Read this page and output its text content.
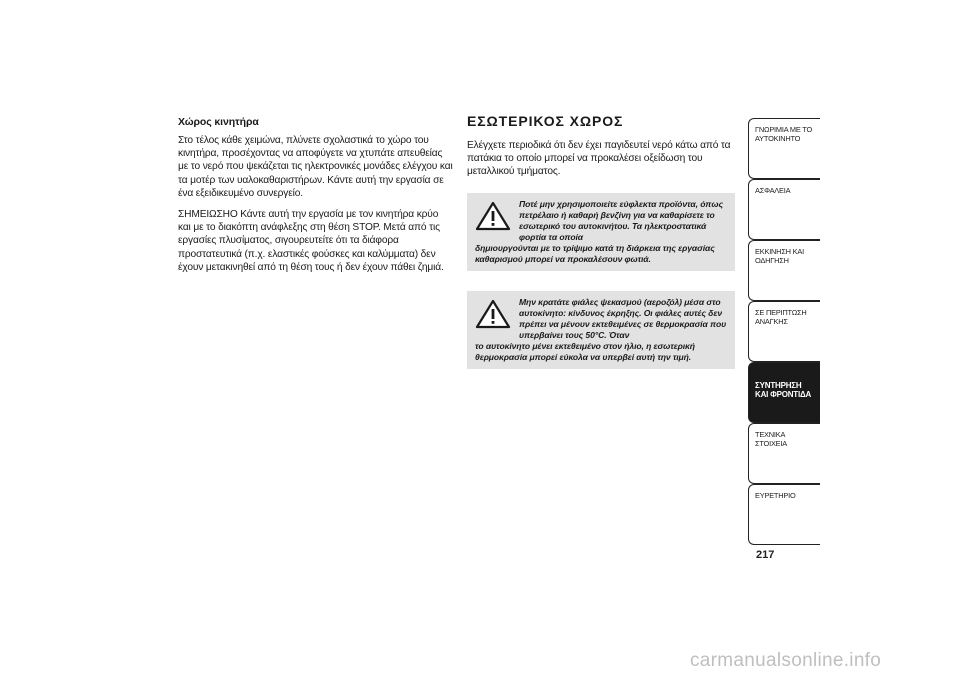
Χώρος κινητήρα

Στο τέλος κάθε χειμώνα, πλύνετε σχολαστικά το χώρο του κινητήρα, προσέχοντας να αποφύγετε να χτυπάτε απευθείας με το νερό που ψεκάζεται τις ηλεκτρονικές μονάδες ελέγχου και τα μοτέρ των υαλοκαθαριστήρων. Κάντε αυτή την εργασία σε ένα εξειδικευμένο συνεργείο.

ΣΗΜΕΙΩΣΗΟ Κάντε αυτή την εργασία με τον κινητήρα κρύο και με το διακόπτη ανάφλεξης στη θέση STOP. Μετά από τις εργασίες πλυσίματος, σιγουρευτείτε ότι τα διάφορα προστατευτικά (π.χ. ελαστικές φούσκες και καλύμματα) δεν έχουν μετακινηθεί από τη θέση τους ή δεν έχουν πάθει ζημιά.

ΕΣΩΤΕΡΙΚΟΣ ΧΩΡΟΣ

Ελέγχετε περιοδικά ότι δεν έχει παγιδευτεί νερό κάτω από τα πατάκια το οποίο μπορεί να προκαλέσει οξείδωση του μεταλλικού τμήματος.

Ποτέ μην χρησιμοποιείτε εύφλεκτα προϊόντα, όπως πετρέλαιο ή καθαρή βενζίνη για να καθαρίσετε το εσωτερικό του αυτοκινήτου. Τα ηλεκτροστατικά φορτία τα οποία
δημιουργούνται με το τρίψιμο κατά τη διάρκεια της εργασίας καθαρισμού μπορεί να προκαλέσουν φωτιά.
Μην κρατάτε φιάλες ψεκασμού (αεροζόλ) μέσα στο αυτοκίνητο: κίνδυνος έκρηξης. Οι φιάλες αυτές δεν πρέπει να μένουν εκτεθειμένες σε θερμοκρασία που υπερβαίνει τους 50°C. Όταν
το αυτοκίνητο μένει εκτεθειμένο στον ήλιο, η εσωτερική θερμοκρασία μπορεί εύκολα να υπερβεί αυτή την τιμή.
ΓΝΩΡΙΜΙΑ ΜΕ ΤΟ ΑΥΤΟΚΙΝΗΤΟ
ΑΣΦΑΛΕΙΑ
ΕΚΚΙΝΗΣΗ ΚΑΙ ΟΔΗΓΗΣΗ
ΣΕ ΠΕΡΙΠΤΩΣΗ ΑΝΑΓΚΗΣ
ΣΥΝΤΗΡΗΣΗ ΚΑΙ ΦΡΟΝΤΙΔΑ
ΤΕΧΝΙΚΑ ΣΤΟΙΧΕΙΑ
ΕΥΡΕΤΗΡΙΟ
217
carmanualsonline.info
